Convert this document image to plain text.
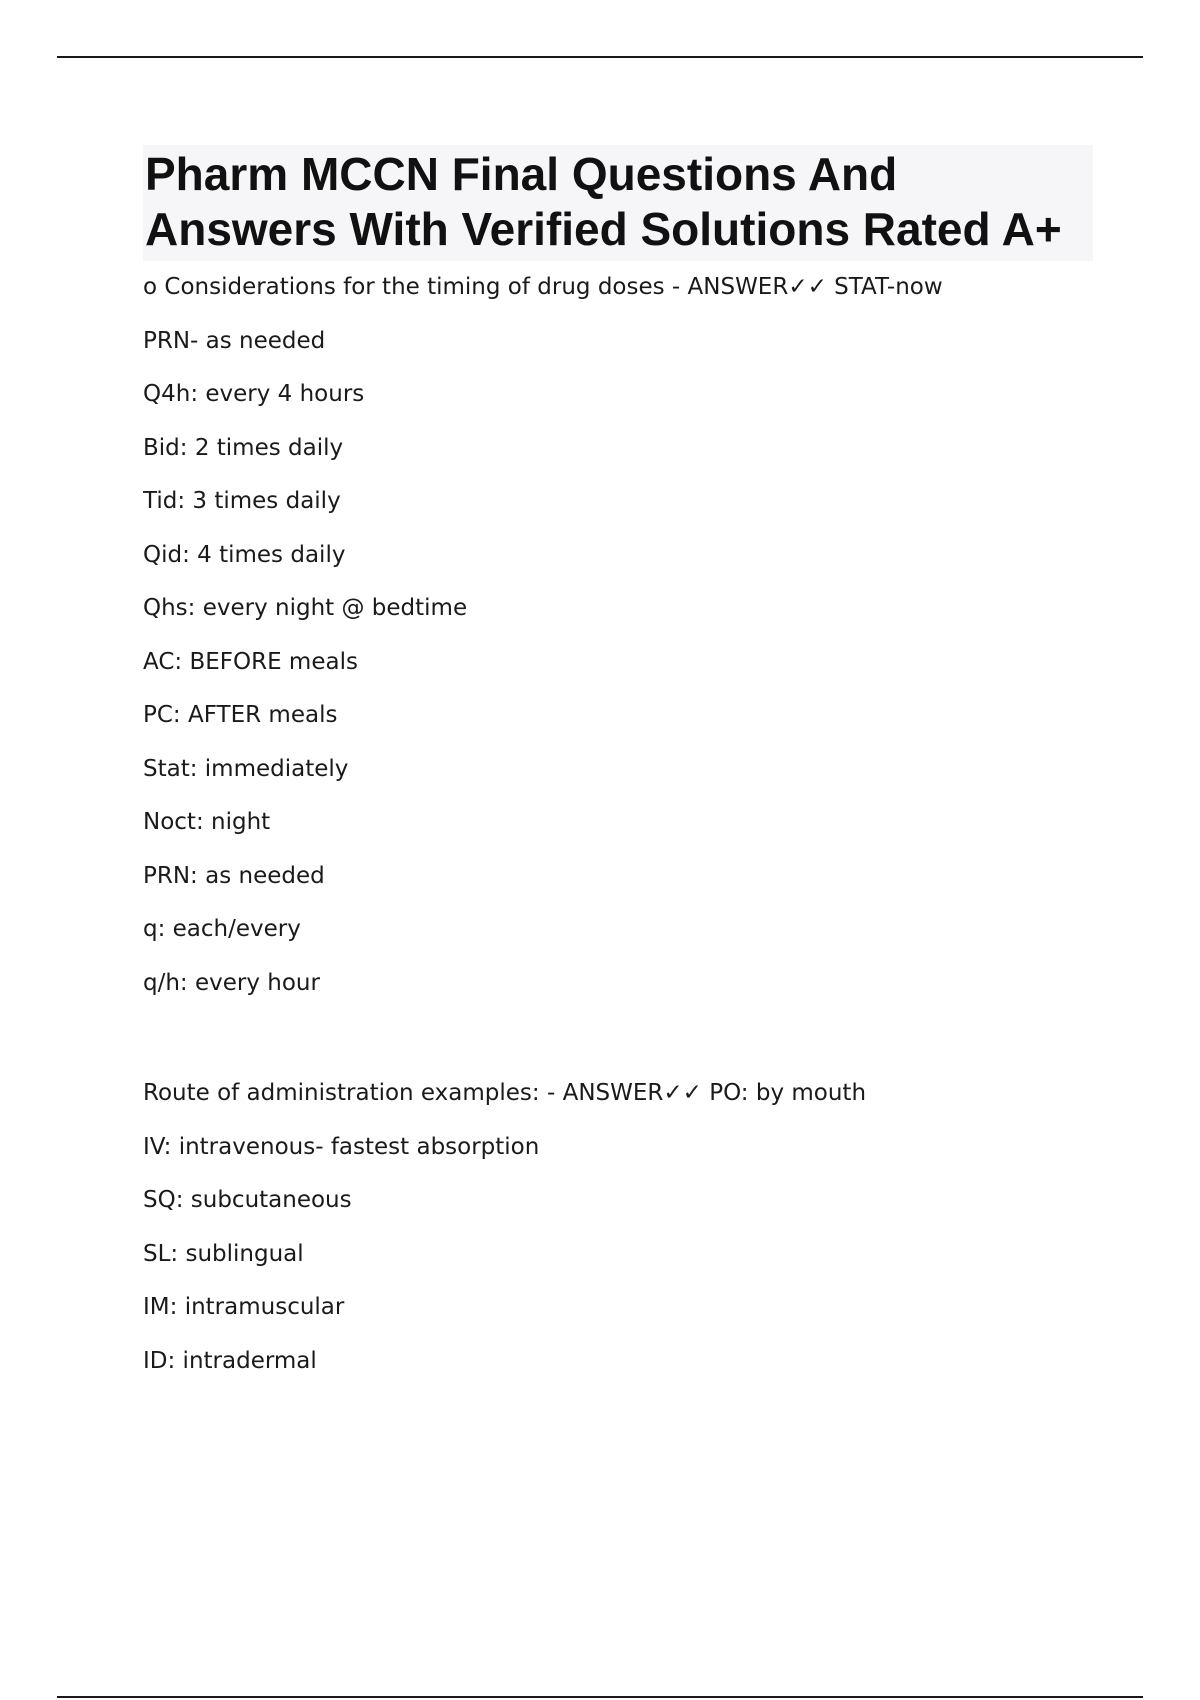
Pharm MCCN Final Questions And Answers With Verified Solutions Rated A+
o Considerations for the timing of drug doses - ANSWER✓✓ STAT-now
PRN- as needed
Q4h: every 4 hours
Bid: 2 times daily
Tid: 3 times daily
Qid: 4 times daily
Qhs: every night @ bedtime
AC: BEFORE meals
PC: AFTER meals
Stat: immediately
Noct: night
PRN: as needed
q: each/every
q/h: every hour
Route of administration examples: - ANSWER✓✓ PO: by mouth
IV: intravenous- fastest absorption
SQ: subcutaneous
SL: sublingual
IM: intramuscular
ID: intradermal
